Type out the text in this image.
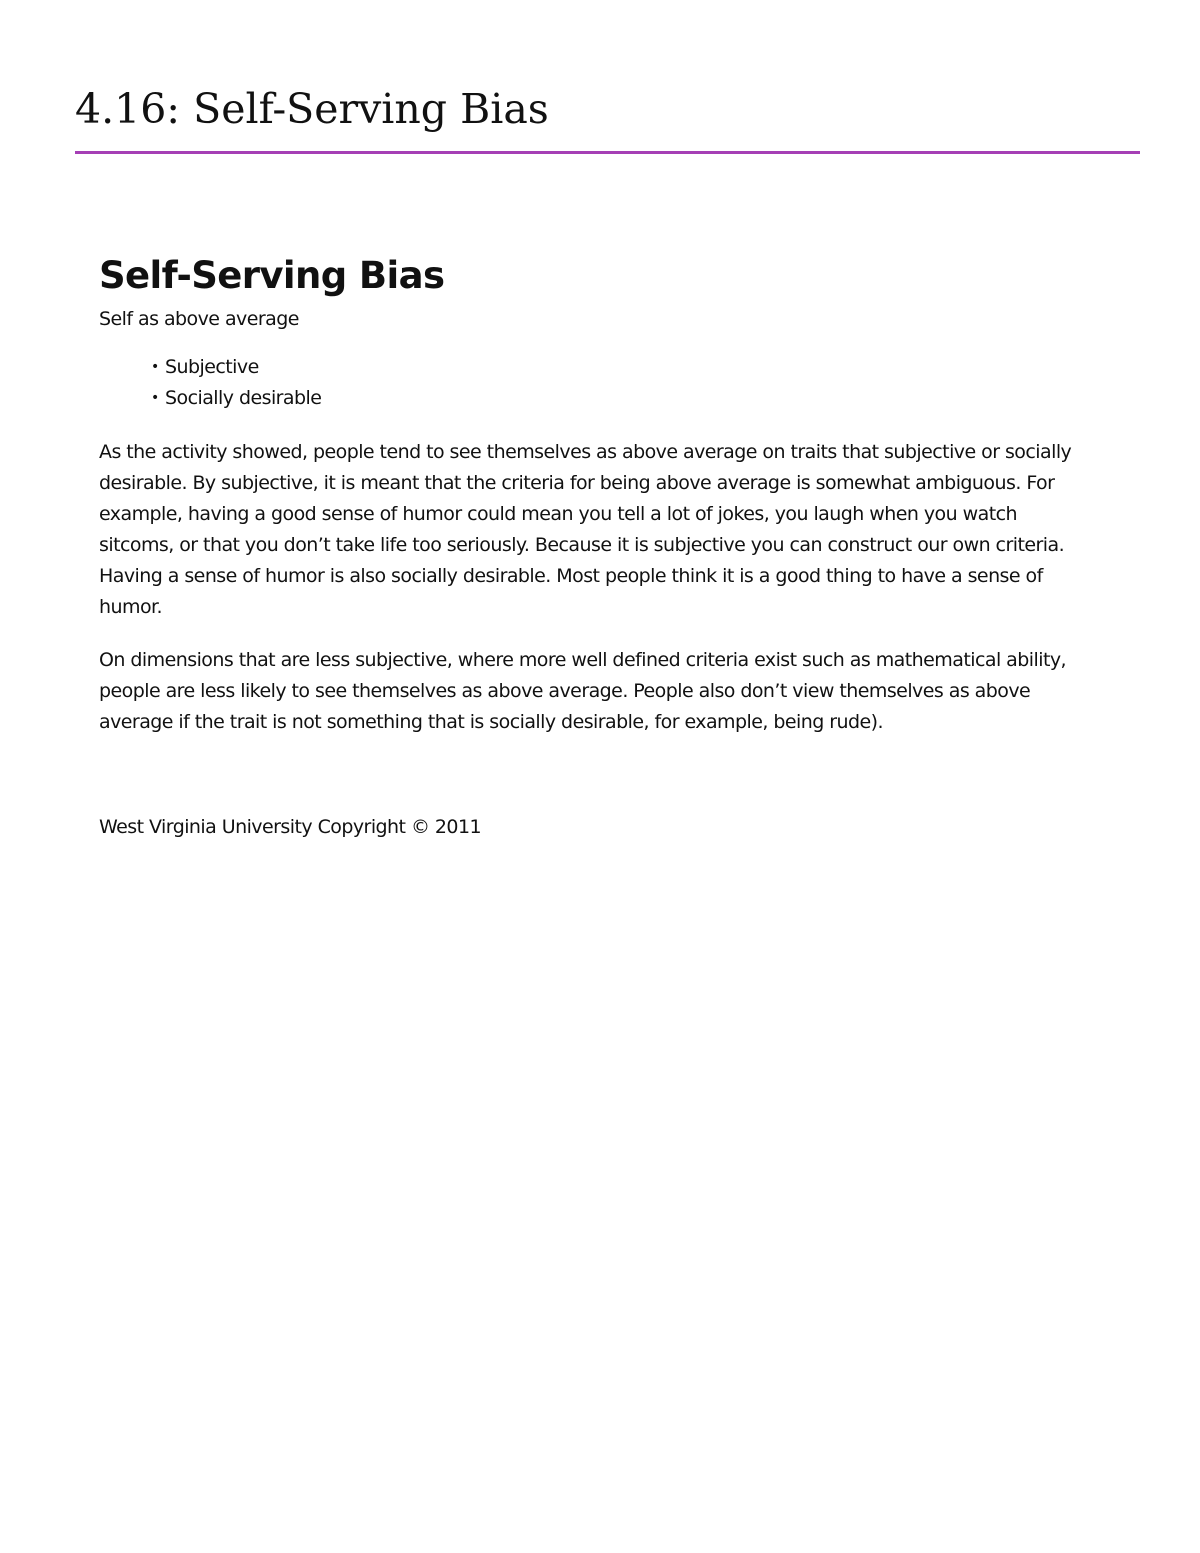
4.16: Self-Serving Bias
Self-Serving Bias

Self as above average

• Subjective
• Socially desirable

As the activity showed, people tend to see themselves as above average on traits that subjective or socially desirable. By subjective, it is meant that the criteria for being above average is somewhat ambiguous. For example, having a good sense of humor could mean you tell a lot of jokes, you laugh when you watch sitcoms, or that you don’t take life too seriously. Because it is subjective you can construct our own criteria. Having a sense of humor is also socially desirable. Most people think it is a good thing to have a sense of humor.

On dimensions that are less subjective, where more well defined criteria exist such as mathematical ability, people are less likely to see themselves as above average. People also don’t view themselves as above average if the trait is not something that is socially desirable, for example, being rude).

West Virginia University Copyright © 2011
